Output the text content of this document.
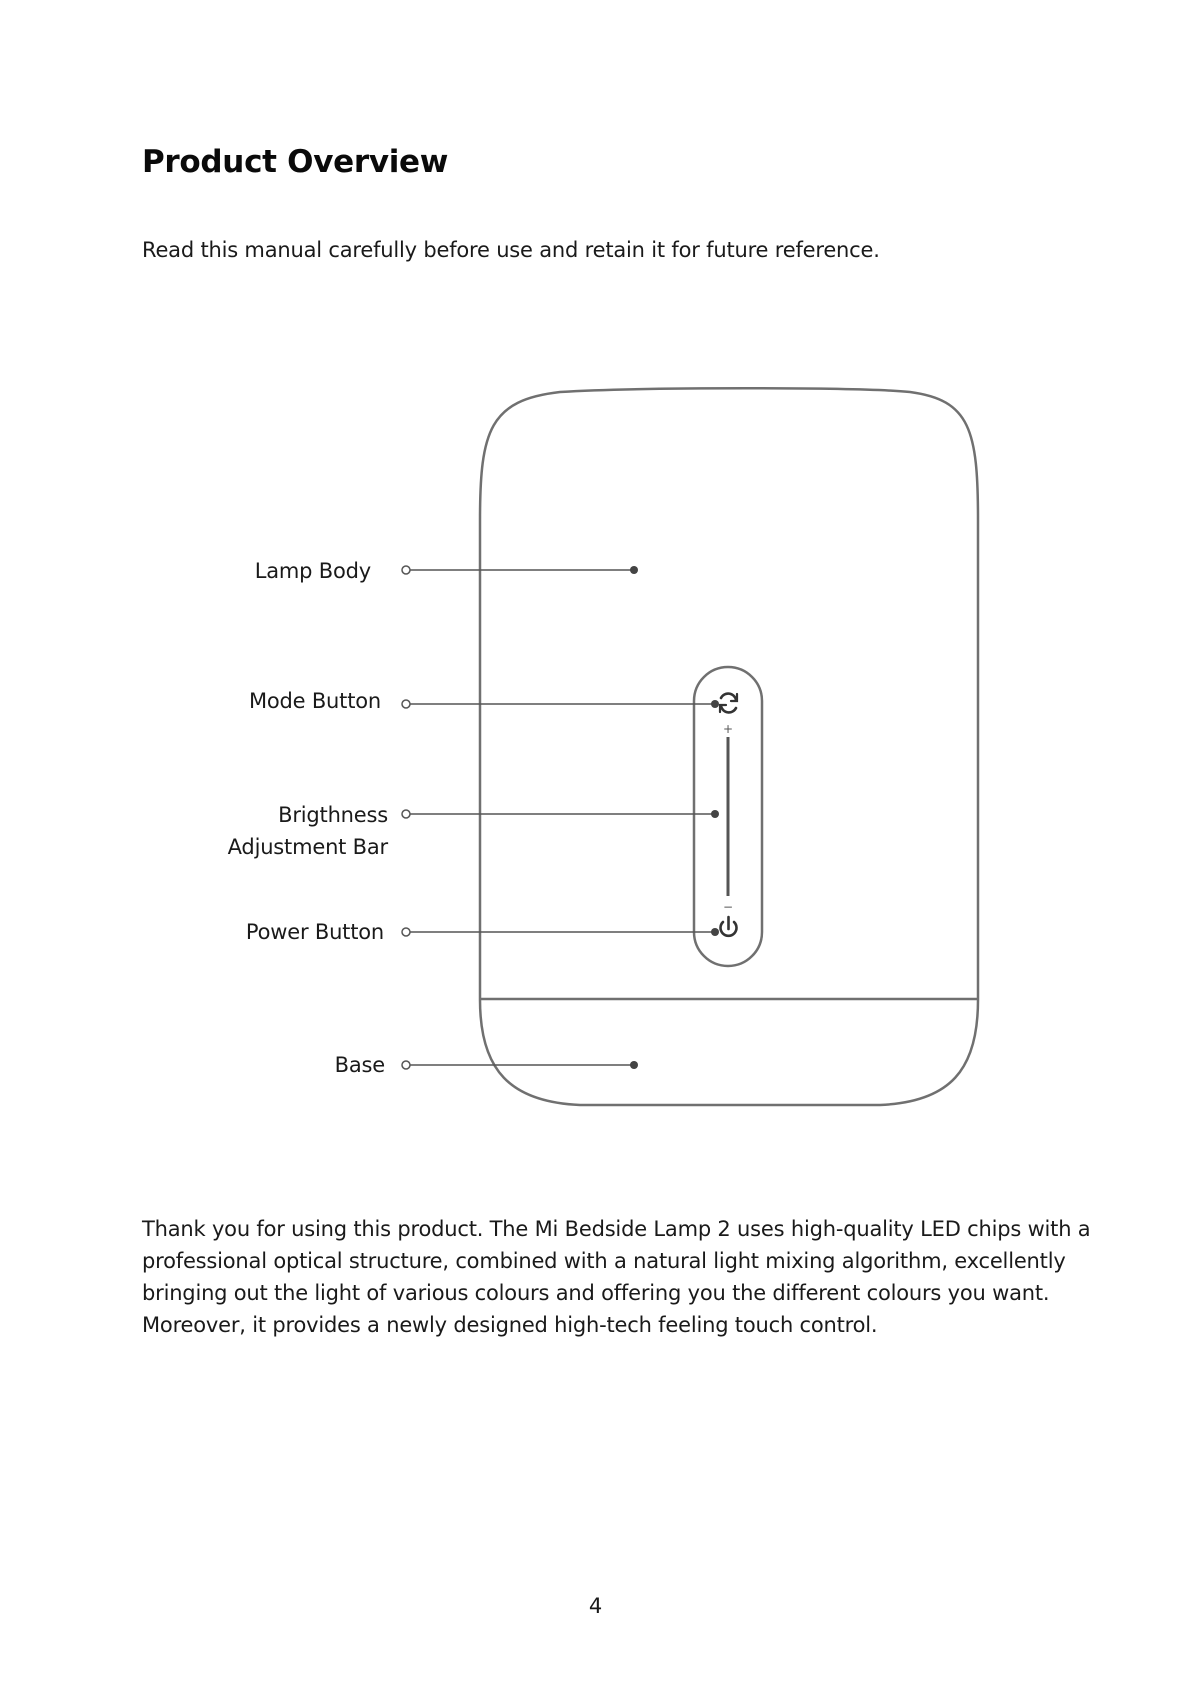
Product Overview

Read this manual carefully before use and retain it for future reference.

+
−
Lamp Body
Mode Button
Brigthness
Adjustment Bar
Power Button
Base

Thank you for using this product. The Mi Bedside Lamp 2 uses high-quality LED chips with a
professional optical structure, combined with a natural light mixing algorithm, excellently
bringing out the light of various colours and offering you the different colours you want.
Moreover, it provides a newly designed high-tech feeling touch control.

4
